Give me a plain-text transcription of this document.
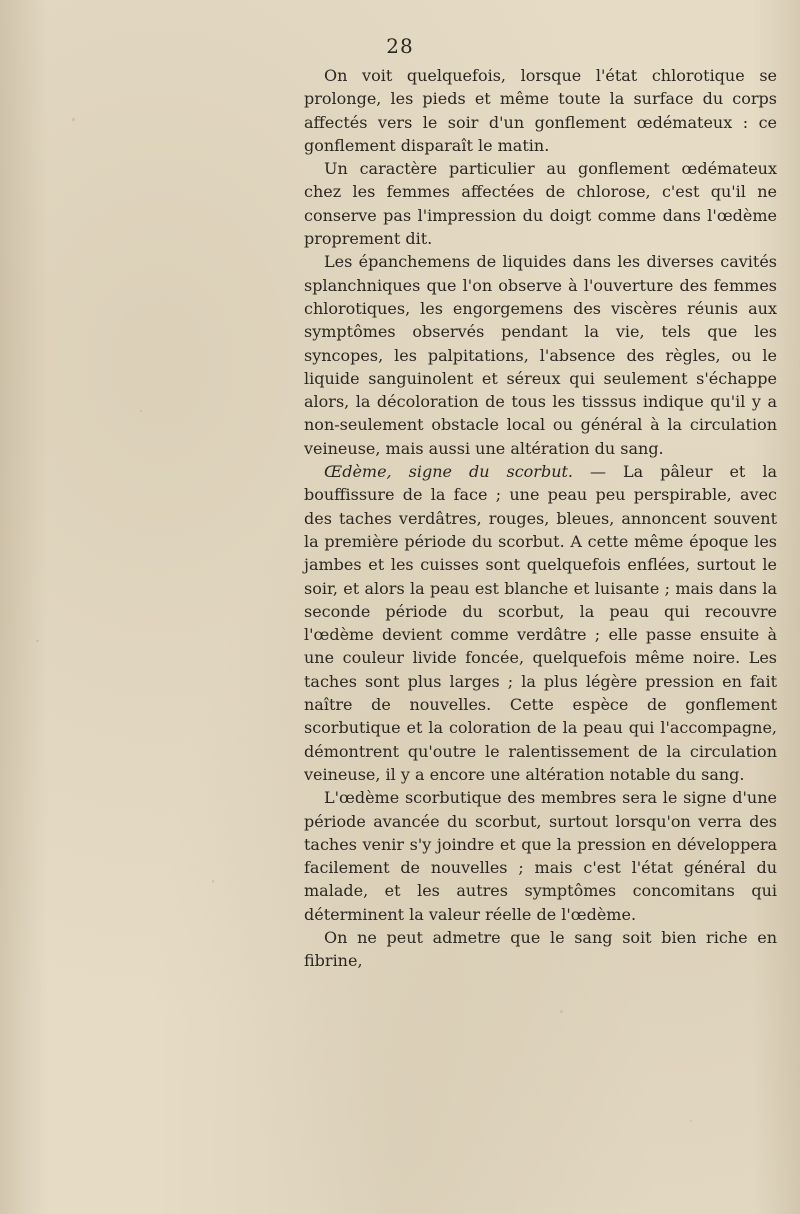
28

On voit quelquefois, lorsque l'état chlorotique se prolonge, les pieds et même toute la surface du corps affectés vers le soir d'un gonflement œdémateux : ce gonflement disparaît le matin.

Un caractère particulier au gonflement œdémateux chez les femmes affectées de chlorose, c'est qu'il ne conserve pas l'impression du doigt comme dans l'œdème proprement dit.

Les épanchemens de liquides dans les diverses cavités splanchniques que l'on observe à l'ouverture des femmes chlorotiques, les engorgemens des viscères réunis aux symptômes observés pendant la vie, tels que les syncopes, les palpitations, l'absence des règles, ou le liquide sanguinolent et séreux qui seulement s'échappe alors, la décoloration de tous les tisssus indique qu'il y a non-seulement obstacle local ou général à la circulation veineuse, mais aussi une altération du sang.

Œdème, signe du scorbut. — La pâleur et la bouffissure de la face ; une peau peu perspirable, avec des taches verdâtres, rouges, bleues, annoncent souvent la première période du scorbut. A cette même époque les jambes et les cuisses sont quelquefois enflées, surtout le soir, et alors la peau est blanche et luisante ; mais dans la seconde période du scorbut, la peau qui recouvre l'œdème devient comme verdâtre ; elle passe ensuite à une couleur livide foncée, quelquefois même noire. Les taches sont plus larges ; la plus légère pression en fait naître de nouvelles. Cette espèce de gonflement scorbutique et la coloration de la peau qui l'accompagne, démontrent qu'outre le ralentissement de la circulation veineuse, il y a encore une altération notable du sang.

L'œdème scorbutique des membres sera le signe d'une période avancée du scorbut, surtout lorsqu'on verra des taches venir s'y joindre et que la pression en développera facilement de nouvelles ; mais c'est l'état général du malade, et les autres symptômes concomitans qui déterminent la valeur réelle de l'œdème.

On ne peut admetre que le sang soit bien riche en fibrine,
